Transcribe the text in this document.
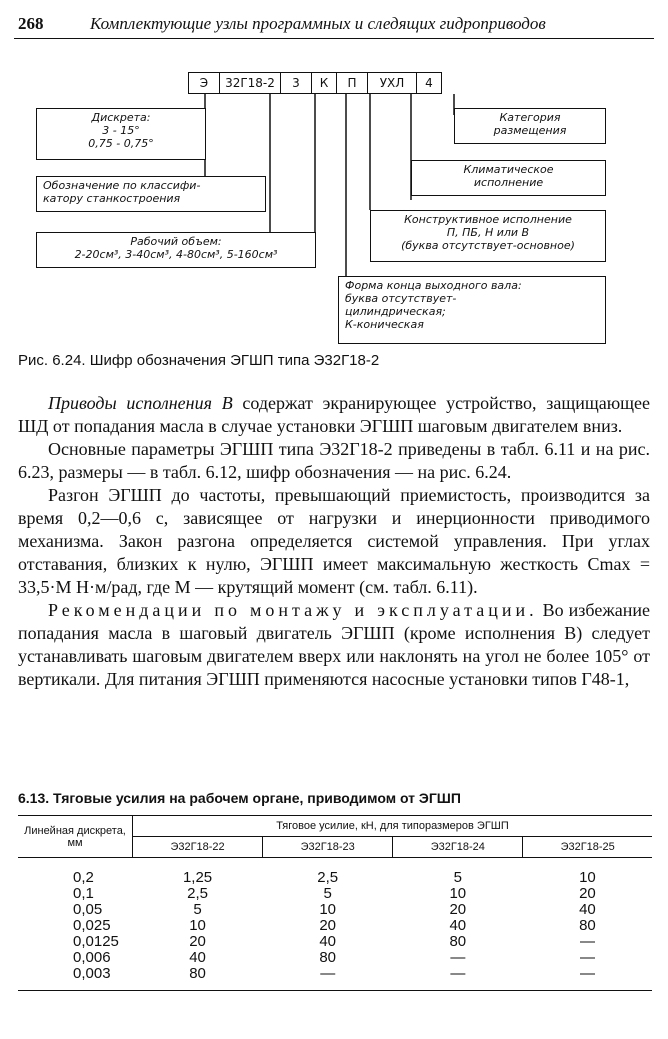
268	Комплектующие узлы программных и следящих гидроприводов
Э	32Г18-2	3	К	П	УХЛ	4
Дискрета:
3 - 15°
0,75 - 0,75°
Обозначение по классифи-
катору станкостроения
Рабочий объем:
2-20см³, 3-40см³, 4-80см³, 5-160см³
Категория
размещения
Климатическое
исполнение
Конструктивное исполнение
П, ПБ, Н или В
(буква отсутствует-основное)
Форма конца выходного вала:
буква отсутствует-
цилиндрическая;
К-коническая
Рис. 6.24. Шифр обозначения ЭГШП типа Э32Г18-2

Приводы исполнения В содержат экранирующее устройство, защищающее ШД от попадания масла в случае установки ЭГШП шаговым двигателем вниз.

Основные параметры ЭГШП типа Э32Г18-2 приведены в табл. 6.11 и на рис. 6.23, размеры — в табл. 6.12, шифр обозначения — на рис. 6.24.

Разгон ЭГШП до частоты, превышающий приемистость, производится за время 0,2—0,6 с, зависящее от нагрузки и инерционности приводимого механизма. Закон разгона определяется системой управления. При углах отставания, близких к нулю, ЭГШП имеет максимальную жесткость Cmax = 33,5·M Н·м/рад, где M — крутящий момент (см. табл. 6.11).

Рекомендации по монтажу и эксплуатации. Во избежание попадания масла в шаговый двигатель ЭГШП (кроме исполнения В) следует устанавливать шаговым двигателем вверх или наклонять на угол не более 105° от вертикали. Для питания ЭГШП применяются насосные установки типов Г48-1,

6.13. Тяговые усилия на рабочем органе, приводимом от ЭГШП
Линейная дискрета, мм	Тяговое усилие, кН, для типоразмеров ЭГШП			
	Э32Г18-22	Э32Г18-23	Э32Г18-24	Э32Г18-25
0,2	1,25	2,5	5	10
0,1	2,5	5	10	20
0,05	5	10	20	40
0,025	10	20	40	80
0,0125	20	40	80	—
0,006	40	80	—	—
0,003	80	—	—	—
